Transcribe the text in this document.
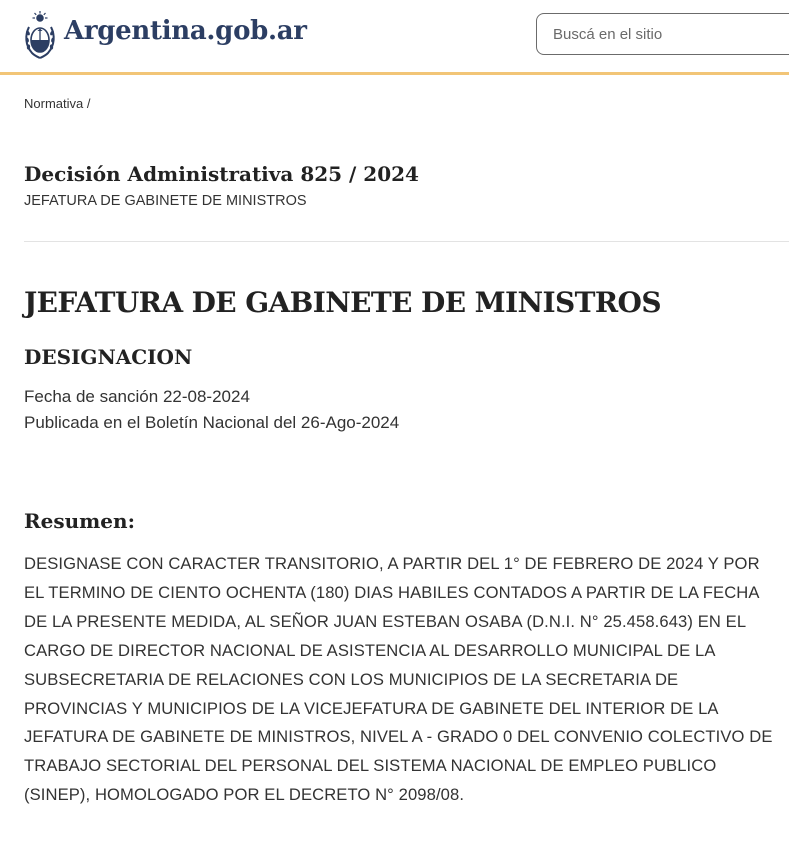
Argentina.gob.ar
Buscá en el sitio
Normativa /
Decisión Administrativa 825 / 2024
JEFATURA DE GABINETE DE MINISTROS
JEFATURA DE GABINETE DE MINISTROS
DESIGNACION
Fecha de sanción 22-08-2024
Publicada en el Boletín Nacional del 26-Ago-2024
Resumen:

DESIGNASE CON CARACTER TRANSITORIO, A PARTIR DEL 1° DE FEBRERO DE 2024 Y POR EL TERMINO DE CIENTO OCHENTA (180) DIAS HABILES CONTADOS A PARTIR DE LA FECHA DE LA PRESENTE MEDIDA, AL SEÑOR JUAN ESTEBAN OSABA (D.N.I. N° 25.458.643) EN EL CARGO DE DIRECTOR NACIONAL DE ASISTENCIA AL DESARROLLO MUNICIPAL DE LA SUBSECRETARIA DE RELACIONES CON LOS MUNICIPIOS DE LA SECRETARIA DE PROVINCIAS Y MUNICIPIOS DE LA VICEJEFATURA DE GABINETE DEL INTERIOR DE LA JEFATURA DE GABINETE DE MINISTROS, NIVEL A - GRADO 0 DEL CONVENIO COLECTIVO DE TRABAJO SECTORIAL DEL PERSONAL DEL SISTEMA NACIONAL DE EMPLEO PUBLICO (SINEP), HOMOLOGADO POR EL DECRETO N° 2098/08.
